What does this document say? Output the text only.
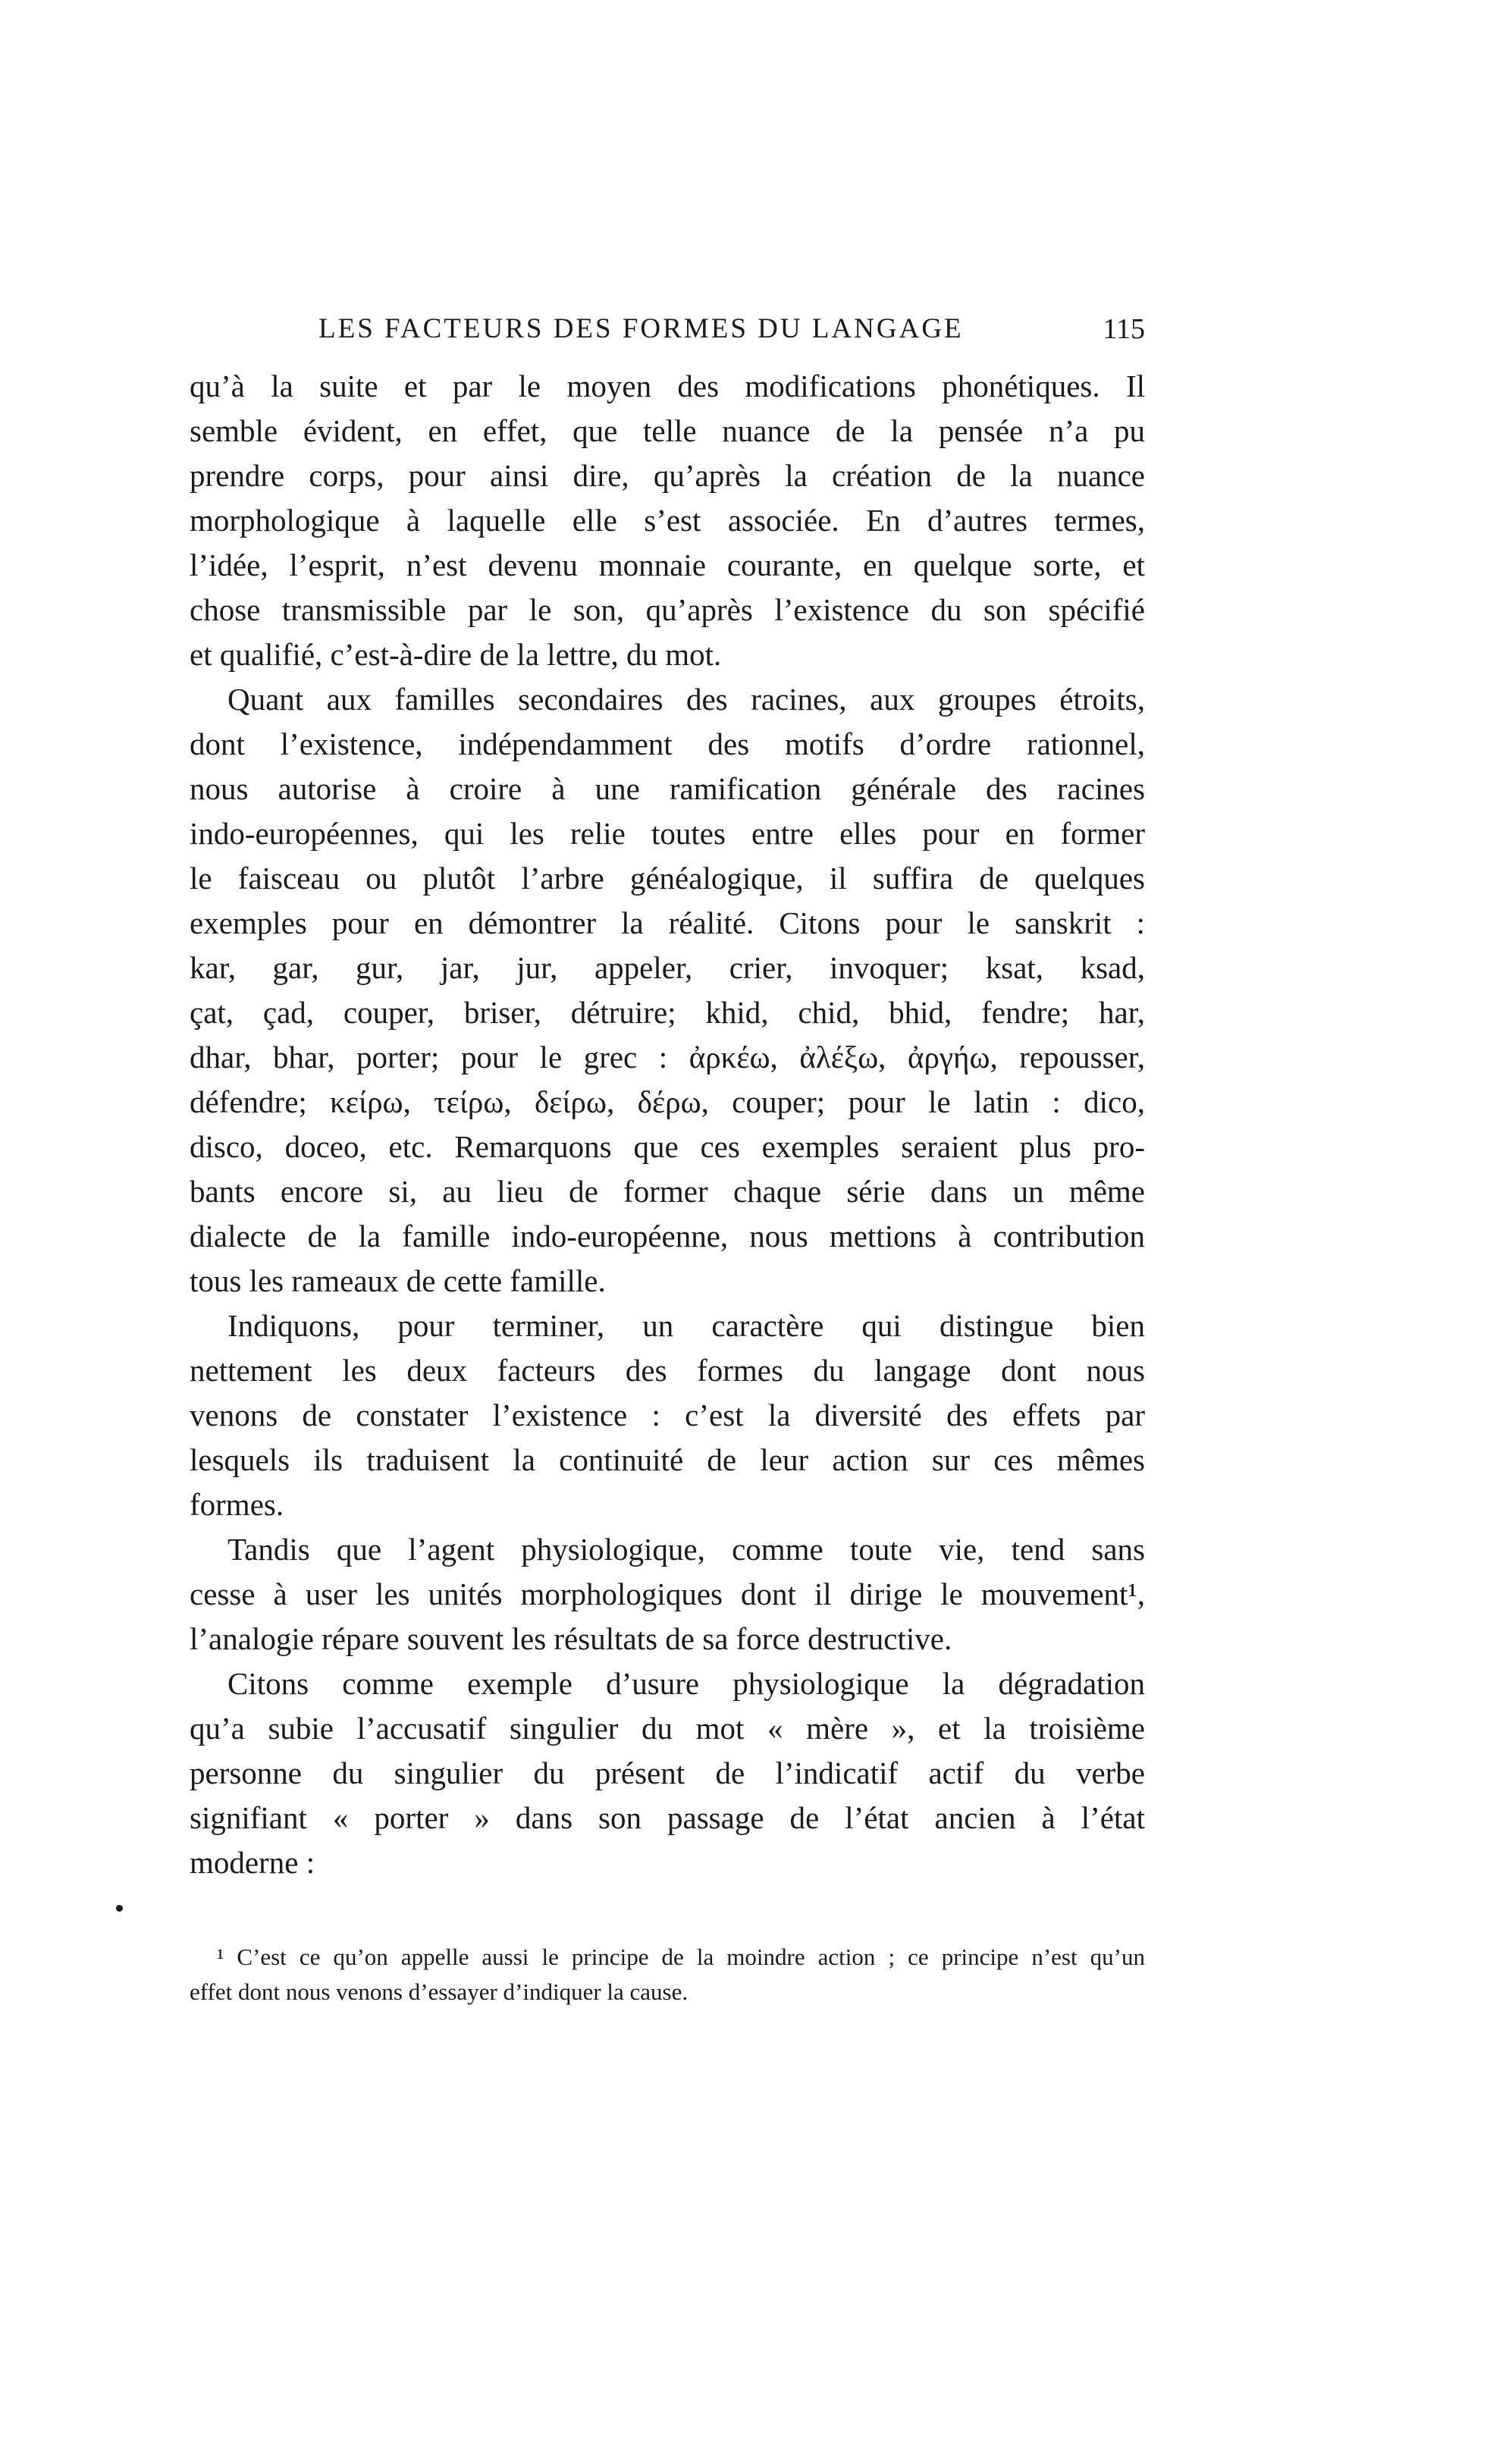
LES FACTEURS DES FORMES DU LANGAGE	115
qu’à la suite et par le moyen des modifications phonétiques. Il
semble évident, en effet, que telle nuance de la pensée n’a pu
prendre corps, pour ainsi dire, qu’après la création de la nuance
morphologique à laquelle elle s’est associée. En d’autres termes,
l’idée, l’esprit, n’est devenu monnaie courante, en quelque sorte, et
chose transmissible par le son, qu’après l’existence du son spécifié
et qualifié, c’est-à-dire de la lettre, du mot.
Quant aux familles secondaires des racines, aux groupes étroits,
dont l’existence, indépendamment des motifs d’ordre rationnel,
nous autorise à croire à une ramification générale des racines
indo-européennes, qui les relie toutes entre elles pour en former
le faisceau ou plutôt l’arbre généalogique, il suffira de quelques
exemples pour en démontrer la réalité. Citons pour le sanskrit :
kar, gar, gur, jar, jur, appeler, crier, invoquer; ksat, ksad,
çat, çad, couper, briser, détruire; khid, chid, bhid, fendre; har,
dhar, bhar, porter; pour le grec : ἀρκέω, ἀλέξω, ἀργήω, repousser,
défendre; κείρω, τείρω, δείρω, δέρω, couper; pour le latin : dico,
disco, doceo, etc. Remarquons que ces exemples seraient plus pro-
bants encore si, au lieu de former chaque série dans un même
dialecte de la famille indo-européenne, nous mettions à contribution
tous les rameaux de cette famille.
Indiquons, pour terminer, un caractère qui distingue bien
nettement les deux facteurs des formes du langage dont nous
venons de constater l’existence : c’est la diversité des effets par
lesquels ils traduisent la continuité de leur action sur ces mêmes
formes.
Tandis que l’agent physiologique, comme toute vie, tend sans
cesse à user les unités morphologiques dont il dirige le mouvement¹,
l’analogie répare souvent les résultats de sa force destructive.
Citons comme exemple d’usure physiologique la dégradation
qu’a subie l’accusatif singulier du mot « mère », et la troisième
personne du singulier du présent de l’indicatif actif du verbe
signifiant « porter » dans son passage de l’état ancien à l’état
moderne :
¹ C’est ce qu’on appelle aussi le principe de la moindre action ; ce principe n’est qu’un
effet dont nous venons d’essayer d’indiquer la cause.
